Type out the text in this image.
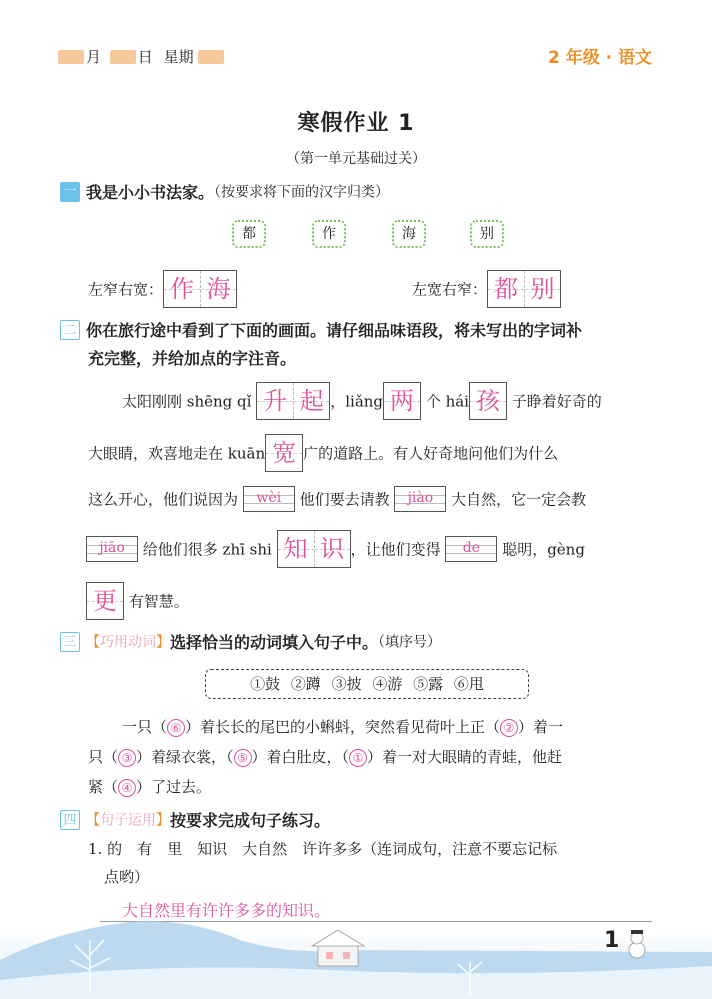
月 日 星期	2 年级 · 语文
寒假作业 1
（第一单元基础过关）
一 我是小小书法家。（按要求将下面的汉字归类）
都	作	海	别
左窄右宽： 作 海	左宽右窄： 都 别
二 你在旅行途中看到了下面的画面。请仔细品味语段，将未写出的字词补
充完整，并给加点的字注音。
太阳刚刚 shēng qǐ 升 起 ，liǎng 两 个 hái 孩 子睁着好奇的
大眼睛，欢喜地走在 kuān 宽 广的道路上。有人好奇地问他们为什么
这么开心，他们说因为 wèi 他们要去请教 jiào 大自然，它一定会教
jiāo 给他们很多 zhī shi 知 识 ，让他们变得 de 聪明，gèng
更 有智慧。
三 【巧用动词】选择恰当的动词填入句子中。（填序号）
①鼓 ②蹲 ③披 ④游 ⑤露 ⑥甩
一只（ ⑥ ）着长长的尾巴的小蝌蚪，突然看见荷叶上正（ ② ）着一
只（ ③ ）着绿衣裳，（ ⑤ ）着白肚皮，（ ① ）着一对大眼睛的青蛙，他赶
紧（ ④ ）了过去。
四 【句子运用】按要求完成句子练习。
1. 的　有　里　知识　大自然　许许多多（连词成句，注意不要忘记标
点哟）
大自然里有许许多多的知识。
1
